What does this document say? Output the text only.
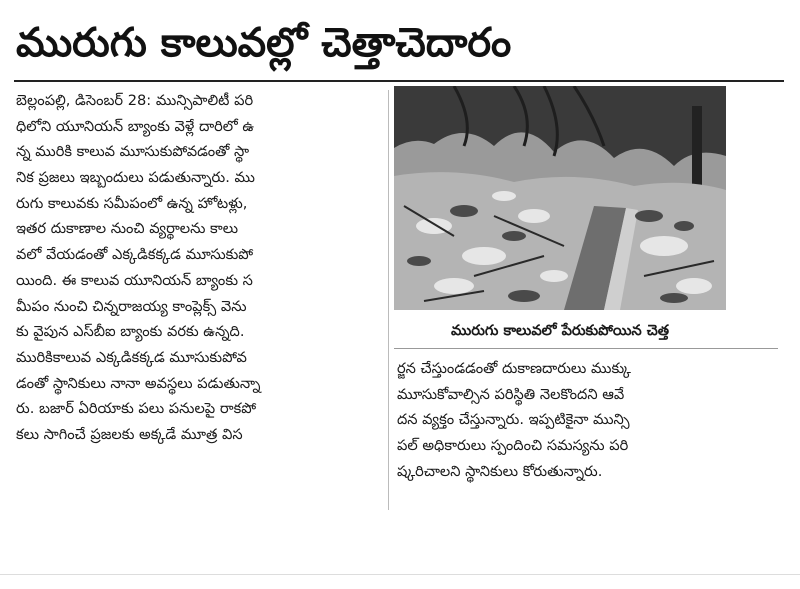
మురుగు కాలువల్లో చెత్తాచెదారం
బెల్లంపల్లి, డిసెంబర్ 28: మున్సిపాలిటీ పరి
ధిలోని యూనియన్ బ్యాంకు వెళ్లే దారిలో ఉ
న్న మురికి కాలువ మూసుకుపోవడంతో స్థా
నిక ప్రజలు ఇబ్బందులు పడుతున్నారు. ము
రుగు కాలువకు సమీపంలో ఉన్న హోటళ్లు,
ఇతర దుకాణాల నుంచి వ్యర్థాలను కాలు
వలో వేయడంతో ఎక్కడికక్కడ మూసుకుపో
యింది. ఈ కాలువ యూనియన్ బ్యాంకు స
మీపం నుంచి చిన్నరాజయ్య కాంప్లెక్స్ వెను
కు వైపున ఎస్‌బీఐ బ్యాంకు వరకు ఉన్నది.
మురికికాలువ ఎక్కడికక్కడ మూసుకుపోవ
డంతో స్థానికులు నానా అవస్థలు పడుతున్నా
రు. బజార్ ఏరియాకు పలు పనులపై రాకపో
కలు సాగించే ప్రజలకు అక్కడే మూత్ర విస
మురుగు కాలువలో పేరుకుపోయిన చెత్త
ర్జన చేస్తుండడంతో దుకాణదారులు ముక్కు
మూసుకోవాల్సిన పరిస్థితి నెలకొందని ఆవే
దన వ్యక్తం చేస్తున్నారు. ఇప్పటికైనా మున్సి
పల్ అధికారులు స్పందించి సమస్యను పరి
ష్కరిచాలని స్థానికులు కోరుతున్నారు.
